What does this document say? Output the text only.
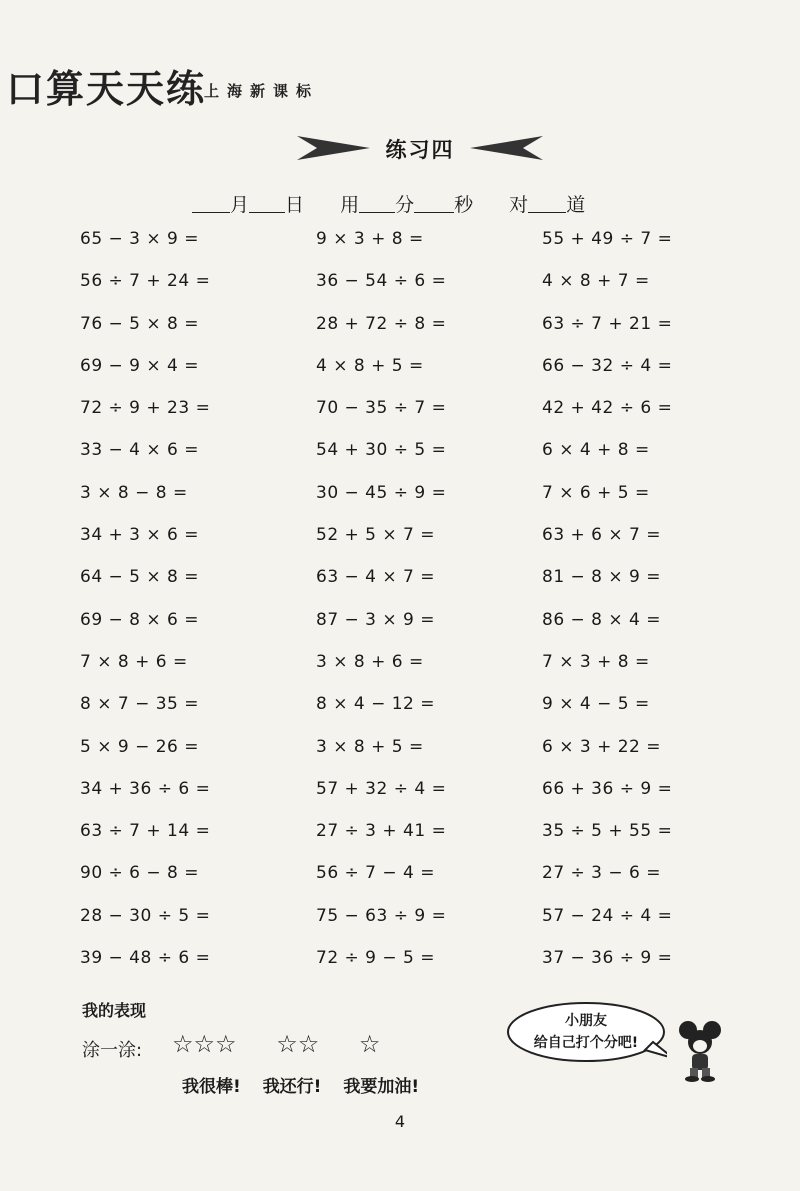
口算天天练
上海新课标
练习四
月 日 用 分 秒 对 道
65 − 3 × 9 =
56 ÷ 7 + 24 =
76 − 5 × 8 =
69 − 9 × 4 =
72 ÷ 9 + 23 =
33 − 4 × 6 =
3 × 8 − 8 =
34 + 3 × 6 =
64 − 5 × 8 =
69 − 8 × 6 =
7 × 8 + 6 =
8 × 7 − 35 =
5 × 9 − 26 =
34 + 36 ÷ 6 =
63 ÷ 7 + 14 =
90 ÷ 6 − 8 =
28 − 30 ÷ 5 =
39 − 48 ÷ 6 =
9 × 3 + 8 =
36 − 54 ÷ 6 =
28 + 72 ÷ 8 =
4 × 8 + 5 =
70 − 35 ÷ 7 =
54 + 30 ÷ 5 =
30 − 45 ÷ 9 =
52 + 5 × 7 =
63 − 4 × 7 =
87 − 3 × 9 =
3 × 8 + 6 =
8 × 4 − 12 =
3 × 8 + 5 =
57 + 32 ÷ 4 =
27 ÷ 3 + 41 =
56 ÷ 7 − 4 =
75 − 63 ÷ 9 =
72 ÷ 9 − 5 =
55 + 49 ÷ 7 =
4 × 8 + 7 =
63 ÷ 7 + 21 =
66 − 32 ÷ 4 =
42 + 42 ÷ 6 =
6 × 4 + 8 =
7 × 6 + 5 =
63 + 6 × 7 =
81 − 8 × 9 =
86 − 8 × 4 =
7 × 3 + 8 =
9 × 4 − 5 =
6 × 3 + 22 =
66 + 36 ÷ 9 =
35 ÷ 5 + 55 =
27 ÷ 3 − 6 =
57 − 24 ÷ 4 =
37 − 36 ÷ 9 =
我的表现
涂一涂: ☆☆☆ ☆☆ ☆
我很棒! 我还行! 我要加油!
小朋友
给自己打个分吧!
4
